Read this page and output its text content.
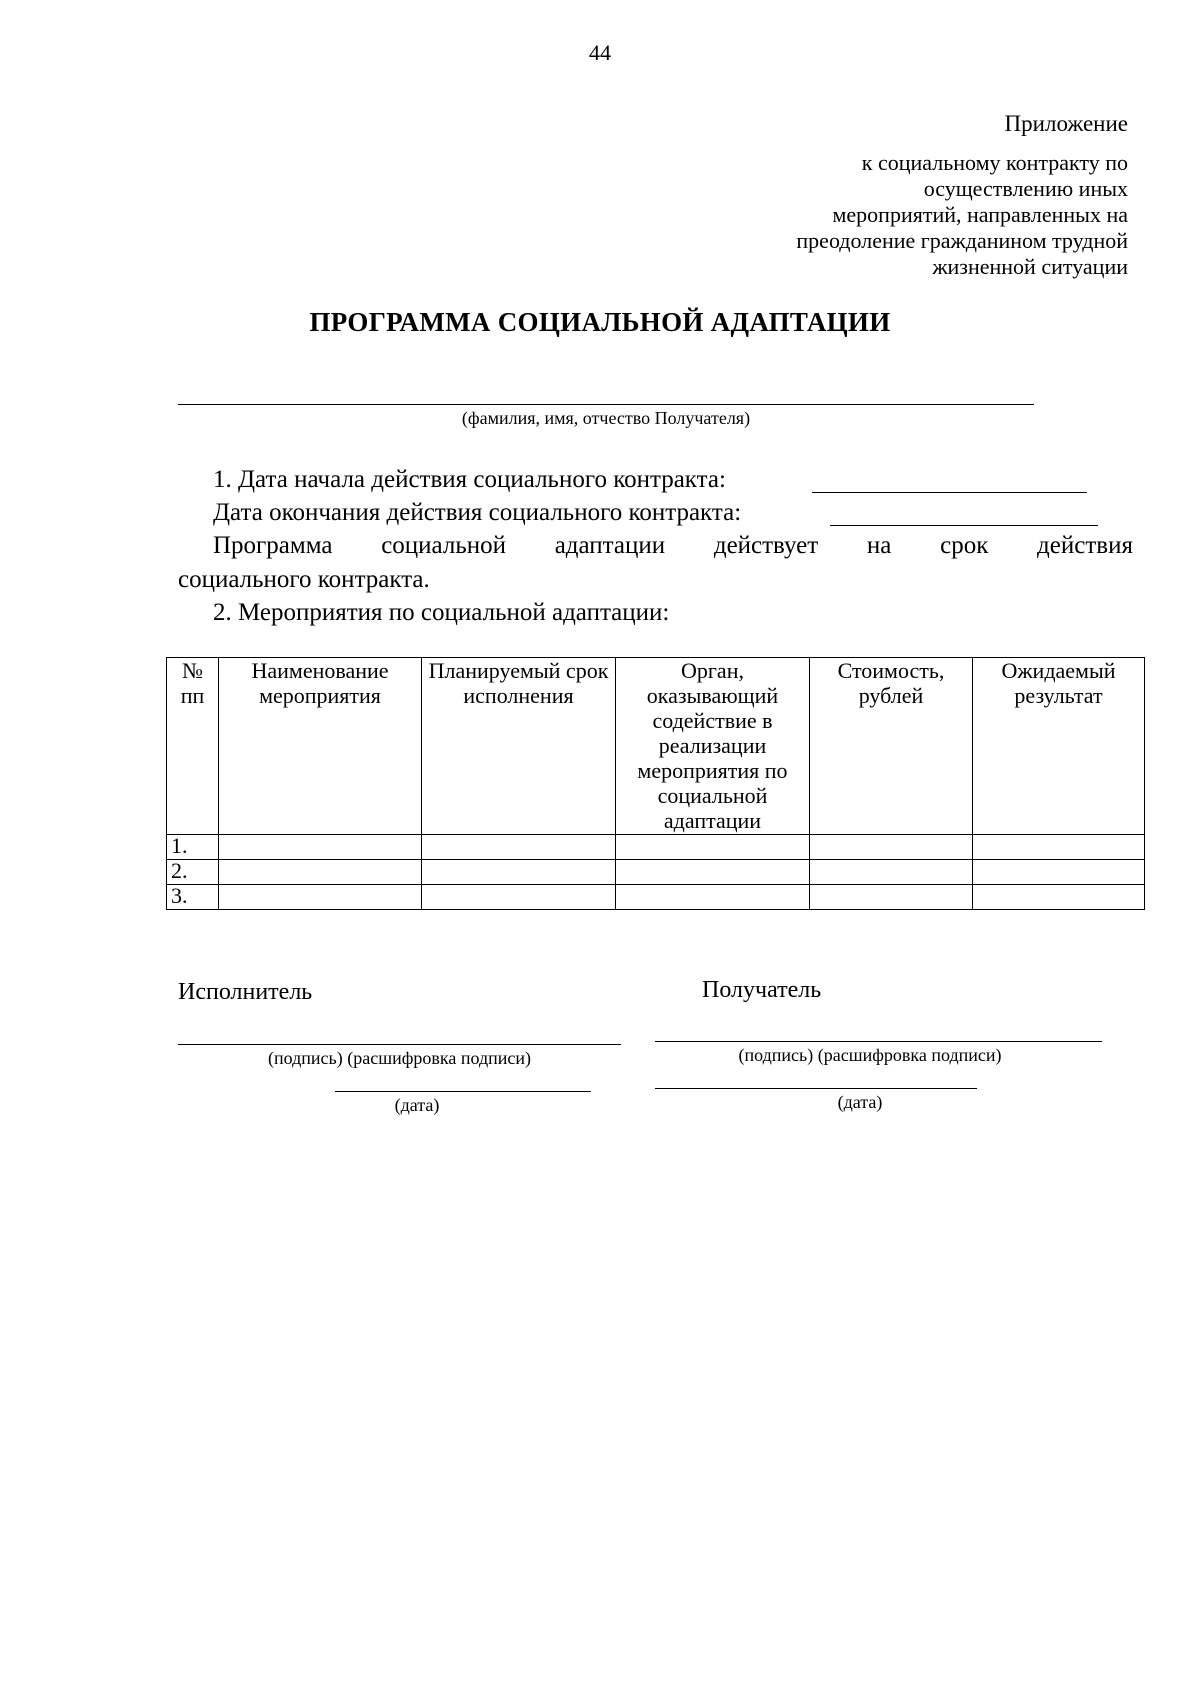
44
Приложение
к социальному контракту по
осуществлению иных
мероприятий, направленных на
преодоление гражданином трудной
жизненной ситуации
ПРОГРАММА СОЦИАЛЬНОЙ АДАПТАЦИИ
(фамилия, имя, отчество Получателя)
1. Дата начала действия социального контракта:
Дата окончания действия социального контракта:
Программа социальной адаптации действует на срок действия
социального контракта.
2. Мероприятия по социальной адаптации:
№ пп	Наименование мероприятия	Планируемый срок исполнения	Орган, оказывающий содействие в реализации мероприятия по социальной адаптации	Стоимость, рублей	Ожидаемый результат
1.					
2.					
3.					
Исполнитель
(подпись) (расшифровка подписи)
(дата)
Получатель
(подпись) (расшифровка подписи)
(дата)
